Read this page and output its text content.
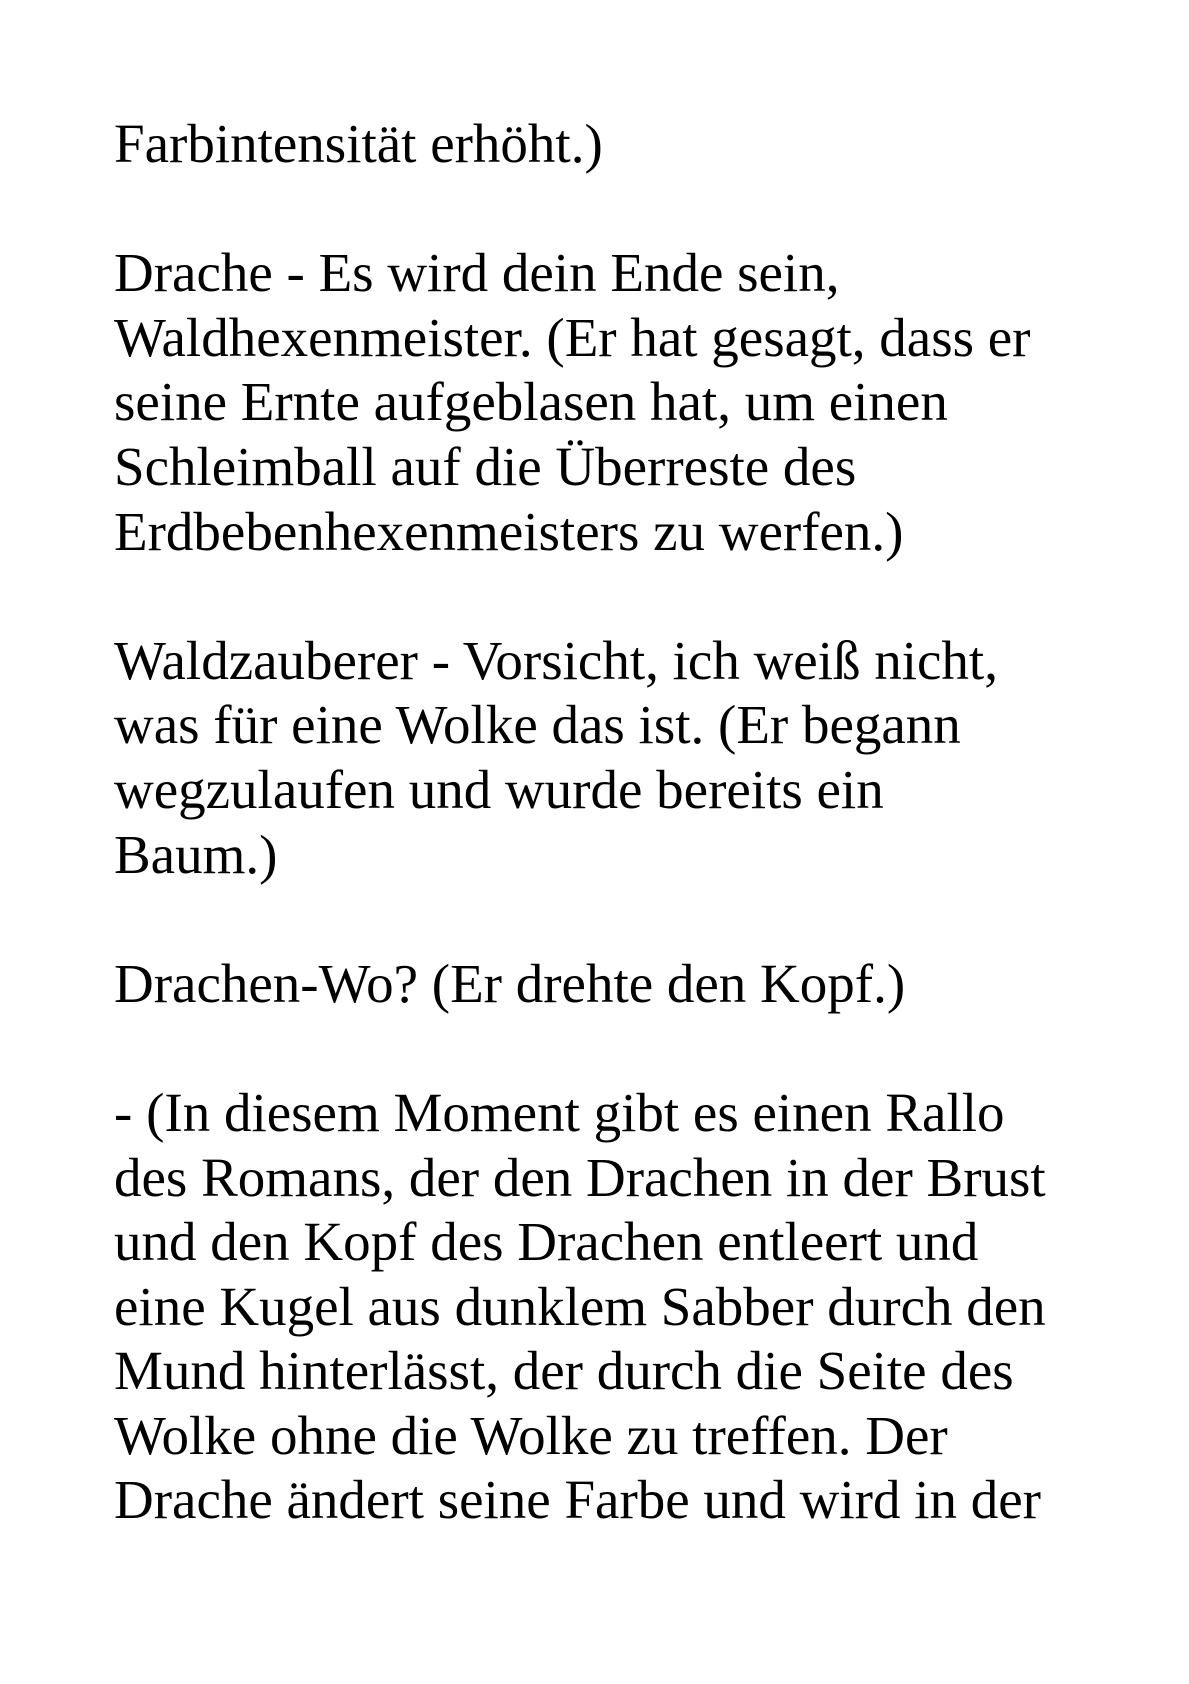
Farbintensität erhöht.)
Drache - Es wird dein Ende sein,
Waldhexenmeister. (Er hat gesagt, dass er
seine Ernte aufgeblasen hat, um einen
Schleimball auf die Überreste des
Erdbebenhexenmeisters zu werfen.)
Waldzauberer - Vorsicht, ich weiß nicht,
was für eine Wolke das ist. (Er begann
wegzulaufen und wurde bereits ein
Baum.)
Drachen-Wo? (Er drehte den Kopf.)
- (In diesem Moment gibt es einen Rallo
des Romans, der den Drachen in der Brust
und den Kopf des Drachen entleert und
eine Kugel aus dunklem Sabber durch den
Mund hinterlässt, der durch die Seite des
Wolke ohne die Wolke zu treffen. Der
Drache ändert seine Farbe und wird in der
